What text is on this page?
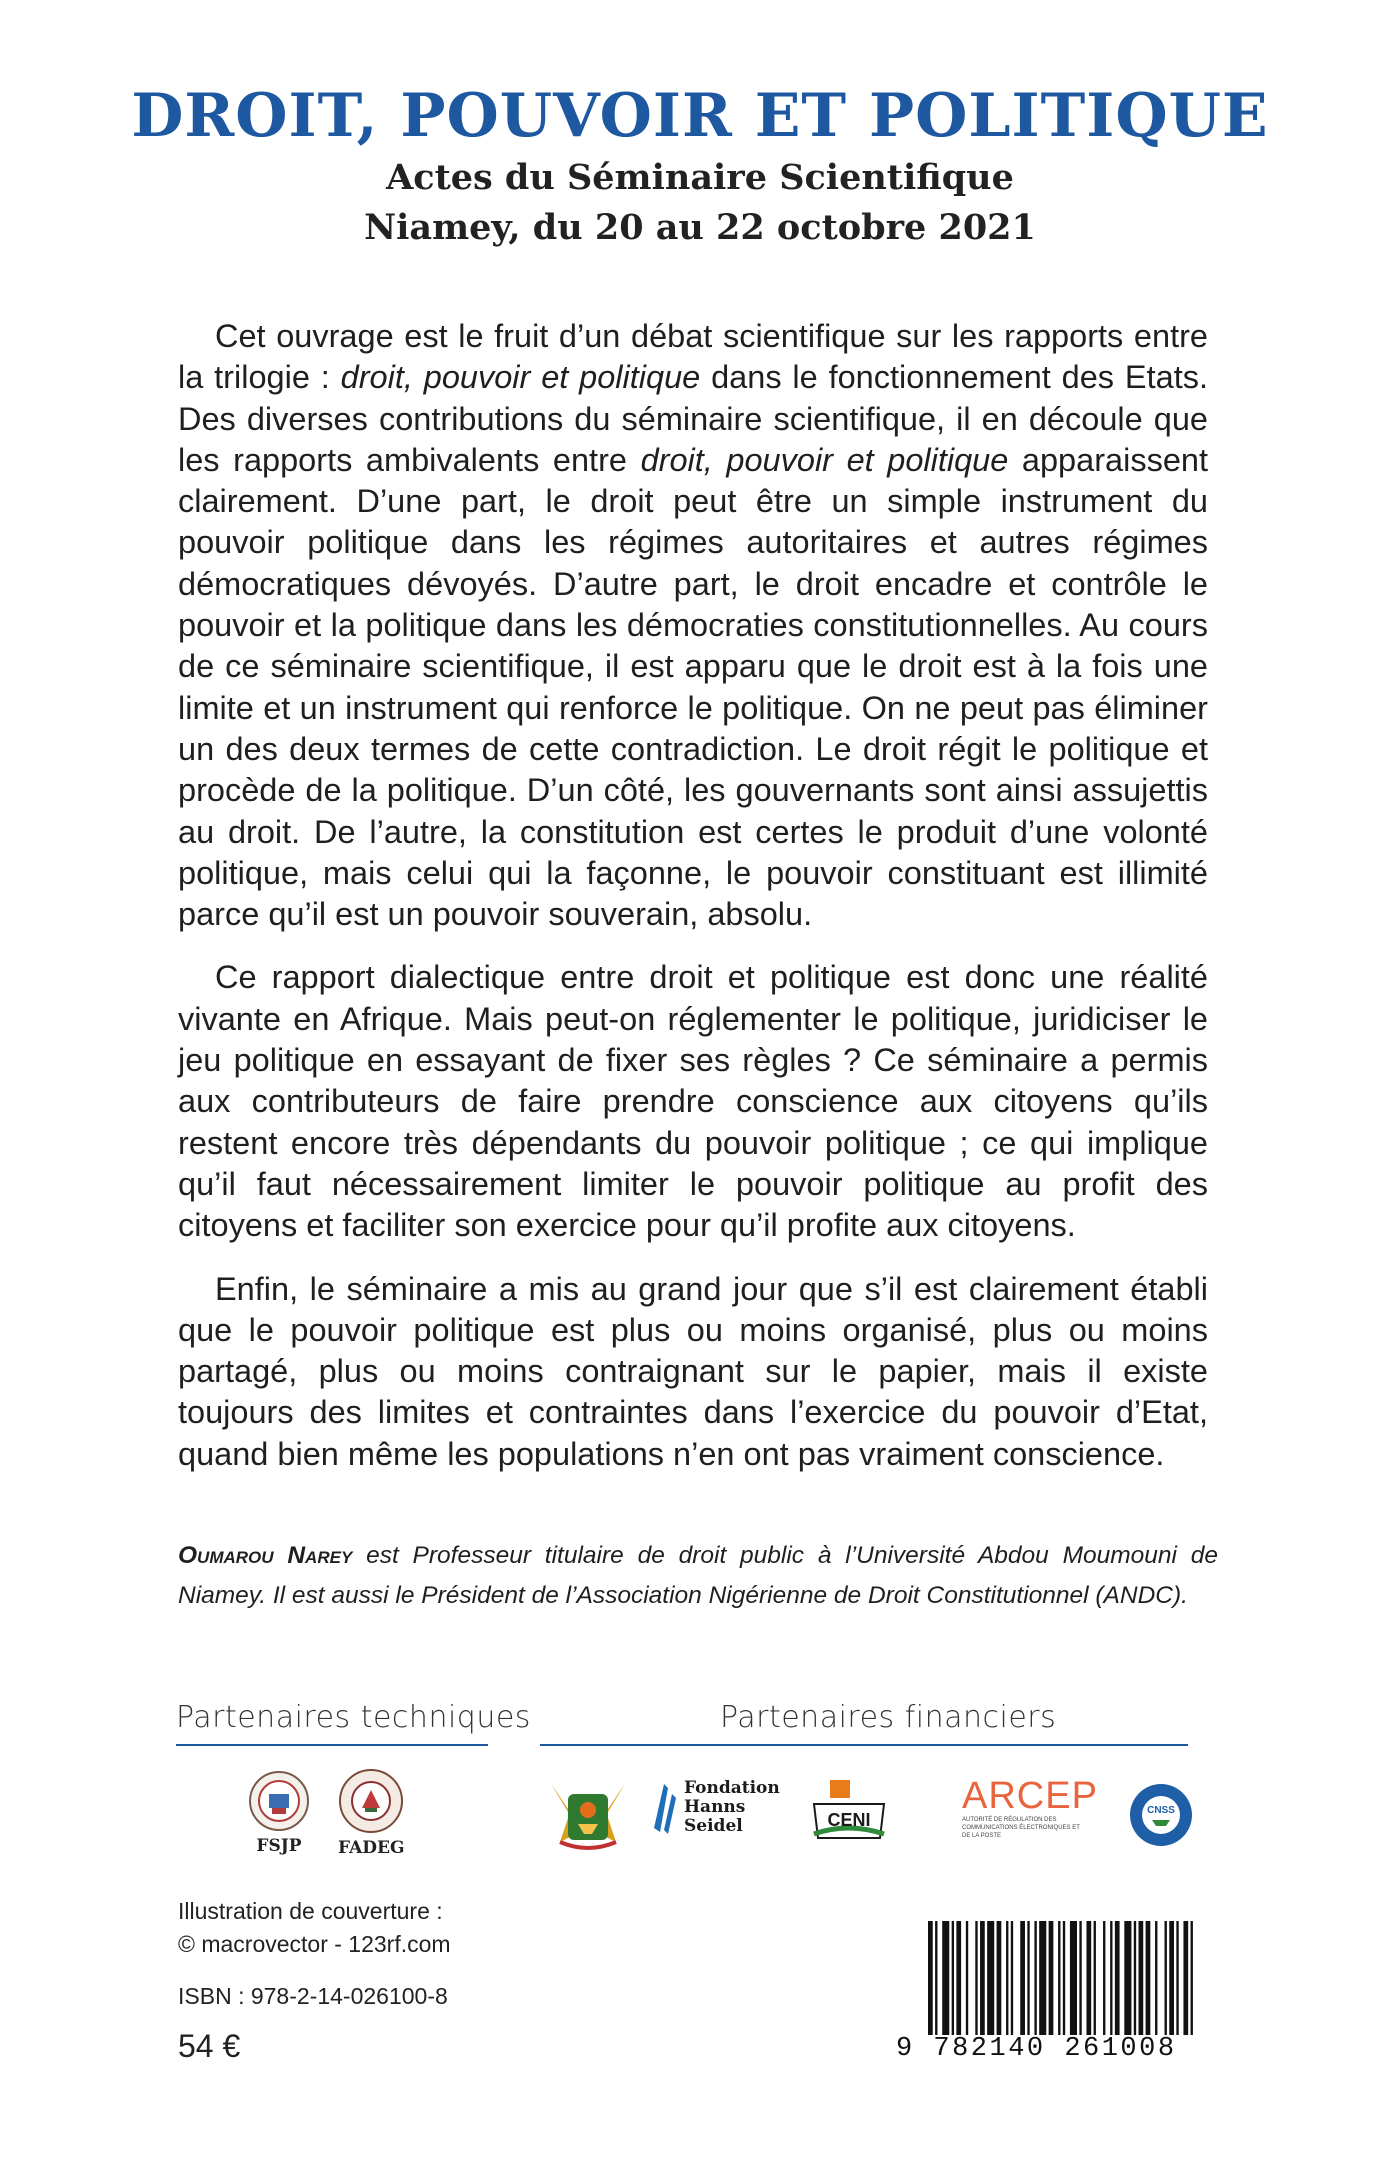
DROIT, POUVOIR ET POLITIQUE
Actes du Séminaire Scientifique
Niamey, du 20 au 22 octobre 2021

Cet ouvrage est le fruit d’un débat scientifique sur les rapports entre la trilogie : droit, pouvoir et politique dans le fonctionnement des Etats. Des diverses contributions du séminaire scientifique, il en découle que les rapports ambivalents entre droit, pouvoir et politique apparaissent clairement. D’une part, le droit peut être un simple instrument du pouvoir politique dans les régimes autoritaires et autres régimes démocratiques dévoyés. D’autre part, le droit encadre et contrôle le pouvoir et la politique dans les démocraties constitutionnelles. Au cours de ce séminaire scientifique, il est apparu que le droit est à la fois une limite et un instrument qui renforce le politique. On ne peut pas éliminer un des deux termes de cette contradiction. Le droit régit le politique et procède de la politique. D’un côté, les gouvernants sont ainsi assujettis au droit. De l’autre, la constitution est certes le produit d’une volonté politique, mais celui qui la façonne, le pouvoir constituant est illimité parce qu’il est un pouvoir souverain, absolu.

Ce rapport dialectique entre droit et politique est donc une réalité vivante en Afrique. Mais peut-on réglementer le politique, juridiciser le jeu politique en essayant de fixer ses règles ? Ce séminaire a permis aux contributeurs de faire prendre conscience aux citoyens qu’ils restent encore très dépendants du pouvoir politique ; ce qui implique qu’il faut nécessairement limiter le pouvoir politique au profit des citoyens et faciliter son exercice pour qu’il profite aux citoyens.

Enfin, le séminaire a mis au grand jour que s’il est clairement établi que le pouvoir politique est plus ou moins organisé, plus ou moins partagé, plus ou moins contraignant sur le papier, mais il existe toujours des limites et contraintes dans l’exercice du pouvoir d’Etat, quand bien même les populations n’en ont pas vraiment conscience.

Oumarou Narey est Professeur titulaire de droit public à l’Université Abdou Moumouni de Niamey. Il est aussi le Président de l’Association Nigérienne de Droit Constitutionnel (ANDC).
Partenaires techniques	Partenaires financiers
FSJP FADEG
Fondation
Hanns
Seidel	CENI
ARCEP
AUTORITÉ DE RÉGULATION DES COMMUNICATIONS ÉLECTRONIQUES ET DE LA POSTE
CNSS
Illustration de couverture :
© macrovector - 123rf.com
ISBN : 978-2-14-026100-8
54 €	9 782140 261008
